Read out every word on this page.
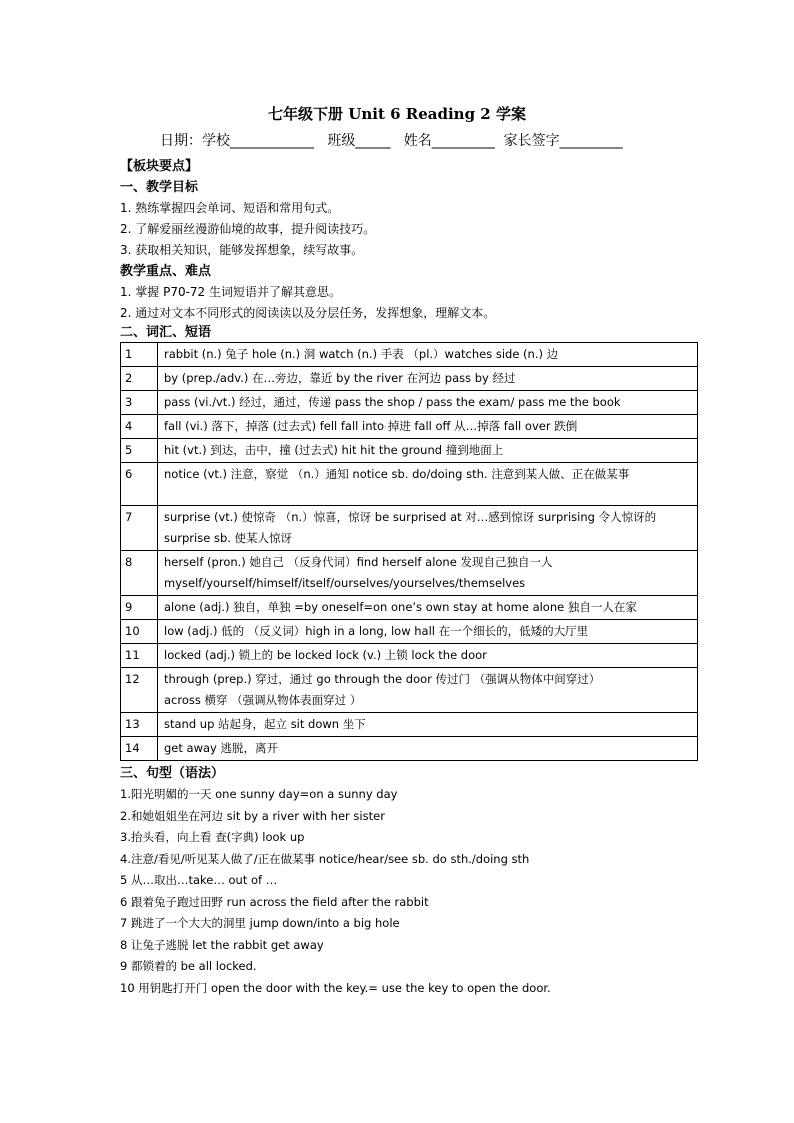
七年级下册 Unit 6 Reading 2 学案
日期：学校____________   班级_____   姓名_________  家长签字_________
【板块要点】
一、教学目标
1. 熟练掌握四会单词、短语和常用句式。
2. 了解爱丽丝漫游仙境的故事，提升阅读技巧。
3. 获取相关知识，能够发挥想象，续写故事。
教学重点、难点
1. 掌握 P70-72 生词短语并了解其意思。
2. 通过对文本不同形式的阅读读以及分层任务，发挥想象，理解文本。
二、词汇、短语
1	rabbit (n.) 兔子 hole (n.) 洞 watch (n.) 手表 （pl.）watches side (n.) 边
2	by (prep./adv.) 在…旁边，靠近 by the river 在河边 pass by 经过
3	pass (vi./vt.) 经过，通过，传递 pass the shop / pass the exam/ pass me the book
4	fall (vi.) 落下，掉落 (过去式) fell fall into 掉进 fall off 从…掉落 fall over 跌倒
5	hit (vt.) 到达，击中，撞 (过去式) hit hit the ground 撞到地面上
6	notice (vt.) 注意，察觉 （n.）通知 notice sb. do/doing sth. 注意到某人做、正在做某事
7	surprise (vt.) 使惊奇 （n.）惊喜，惊讶 be surprised at 对…感到惊讶 surprising 令人惊讶的 surprise sb. 使某人惊讶
8	herself (pron.) 她自己 （反身代词）find herself alone 发现自己独自一人
myself/yourself/himself/itself/ourselves/yourselves/themselves
9	alone (adj.) 独自，单独 =by oneself=on one’s own stay at home alone 独自一人在家
10	low (adj.) 低的 （反义词）high in a long, low hall 在一个细长的，低矮的大厅里
11	locked (adj.) 锁上的 be locked lock (v.) 上锁 lock the door
12	through (prep.) 穿过，通过 go through the door 传过门 （强调从物体中间穿过）
across 横穿 （强调从物体表面穿过 ）
13	stand up 站起身，起立 sit down 坐下
14	get away 逃脱，离开
三、句型（语法）
1.阳光明媚的一天 one sunny day=on a sunny day
2.和她姐姐坐在河边 sit by a river with her sister
3.抬头看，向上看 查(字典) look up
4.注意/看见/听见某人做了/正在做某事 notice/hear/see sb. do sth./doing sth
5 从…取出…take… out of …
6 跟着兔子跑过田野 run across the field after the rabbit
7 跳进了一个大大的洞里 jump down/into a big hole
8 让兔子逃脱 let the rabbit get away
9 都锁着的 be all locked.
10 用钥匙打开门 open the door with the key.= use the key to open the door.
